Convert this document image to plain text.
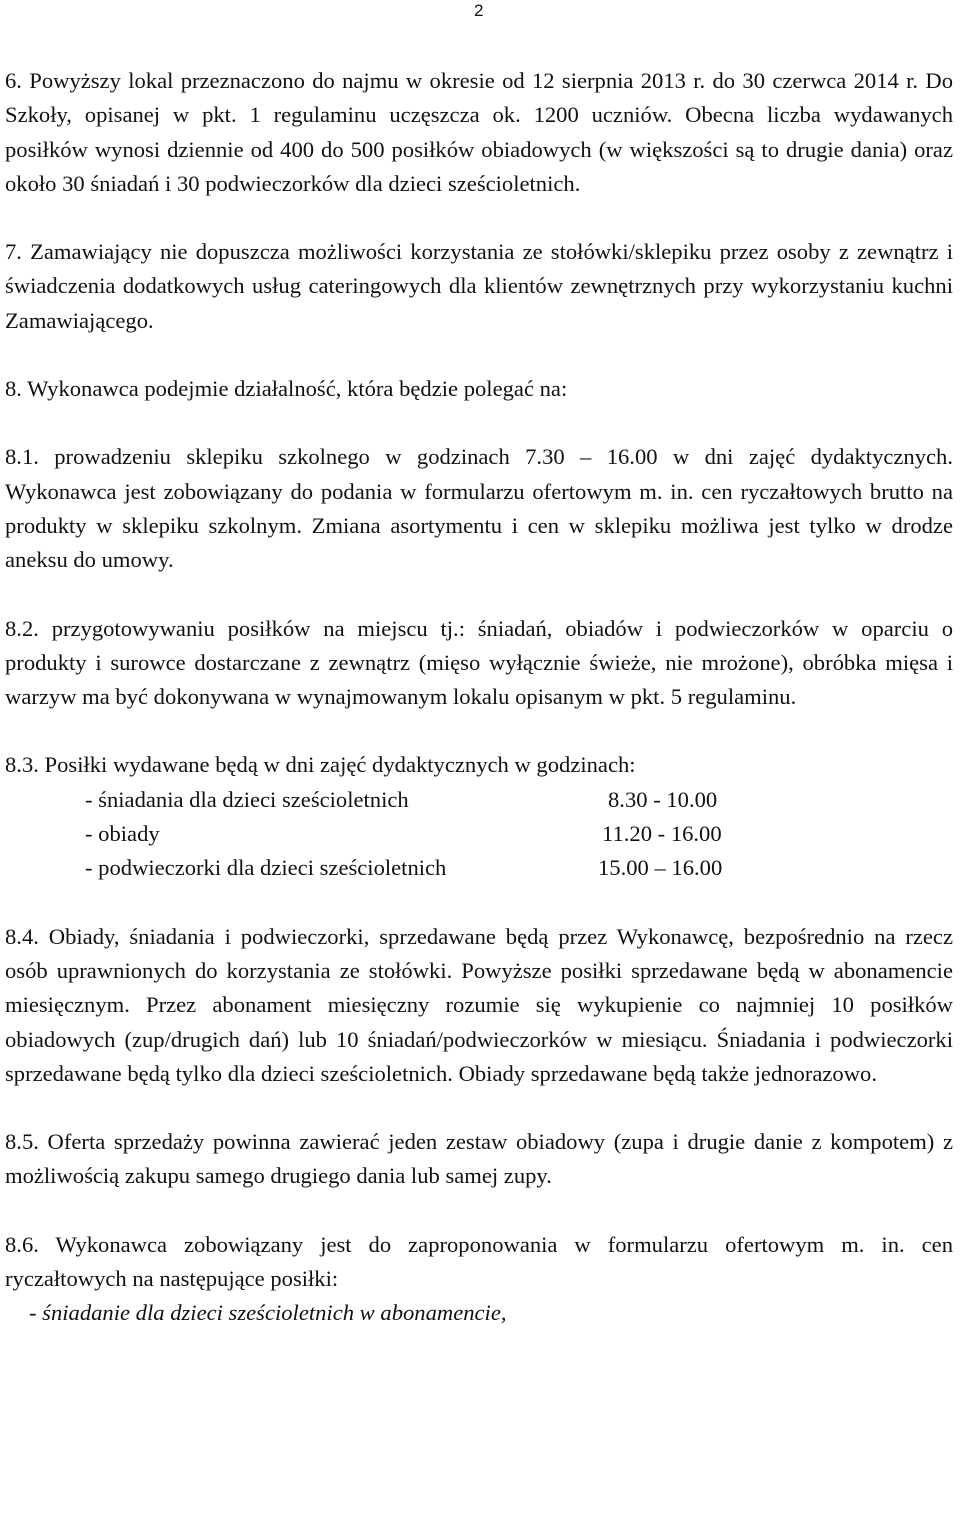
2

6. Powyższy lokal przeznaczono do najmu w okresie od 12 sierpnia 2013 r. do 30 czerwca 2014 r. Do Szkoły, opisanej w pkt. 1 regulaminu uczęszcza ok. 1200 uczniów. Obecna liczba wydawanych posiłków wynosi dziennie od 400 do 500 posiłków obiadowych (w większości są to drugie dania) oraz około 30 śniadań i 30 podwieczorków dla dzieci sześcioletnich.

7. Zamawiający nie dopuszcza możliwości korzystania ze stołówki/sklepiku przez osoby z zewnątrz i świadczenia dodatkowych usług cateringowych dla klientów zewnętrznych przy wykorzystaniu kuchni Zamawiającego.

8. Wykonawca podejmie działalność, która będzie polegać na:

8.1. prowadzeniu sklepiku szkolnego w godzinach 7.30 – 16.00 w dni zajęć dydaktycznych. Wykonawca jest zobowiązany do podania w formularzu ofertowym m. in. cen ryczałtowych brutto na produkty w sklepiku szkolnym. Zmiana asortymentu i cen w sklepiku możliwa jest tylko w drodze aneksu do umowy.

8.2. przygotowywaniu posiłków na miejscu tj.: śniadań, obiadów i podwieczorków w oparciu o produkty i surowce dostarczane z zewnątrz (mięso wyłącznie świeże, nie mrożone), obróbka mięsa i warzyw ma być dokonywana w wynajmowanym lokalu opisanym w pkt. 5 regulaminu.

8.3. Posiłki wydawane będą w dni zajęć dydaktycznych w godzinach:

- śniadania dla dzieci sześcioletnich	8.30 - 10.00
- obiady	11.20 - 16.00
- podwieczorki dla dzieci sześcioletnich	15.00 – 16.00

8.4. Obiady, śniadania i podwieczorki, sprzedawane będą przez Wykonawcę, bezpośrednio na rzecz osób uprawnionych do korzystania ze stołówki. Powyższe posiłki sprzedawane będą w abonamencie miesięcznym. Przez abonament miesięczny rozumie się wykupienie co najmniej 10 posiłków obiadowych (zup/drugich dań) lub 10 śniadań/podwieczorków w miesiącu. Śniadania i podwieczorki sprzedawane będą tylko dla dzieci sześcioletnich. Obiady sprzedawane będą także jednorazowo.

8.5. Oferta sprzedaży powinna zawierać jeden zestaw obiadowy (zupa i drugie danie z kompotem) z możliwością zakupu samego drugiego dania lub samej zupy.

8.6. Wykonawca zobowiązany jest do zaproponowania w formularzu ofertowym m. in. cen ryczałtowych na następujące posiłki:

- śniadanie dla dzieci sześcioletnich w abonamencie,
